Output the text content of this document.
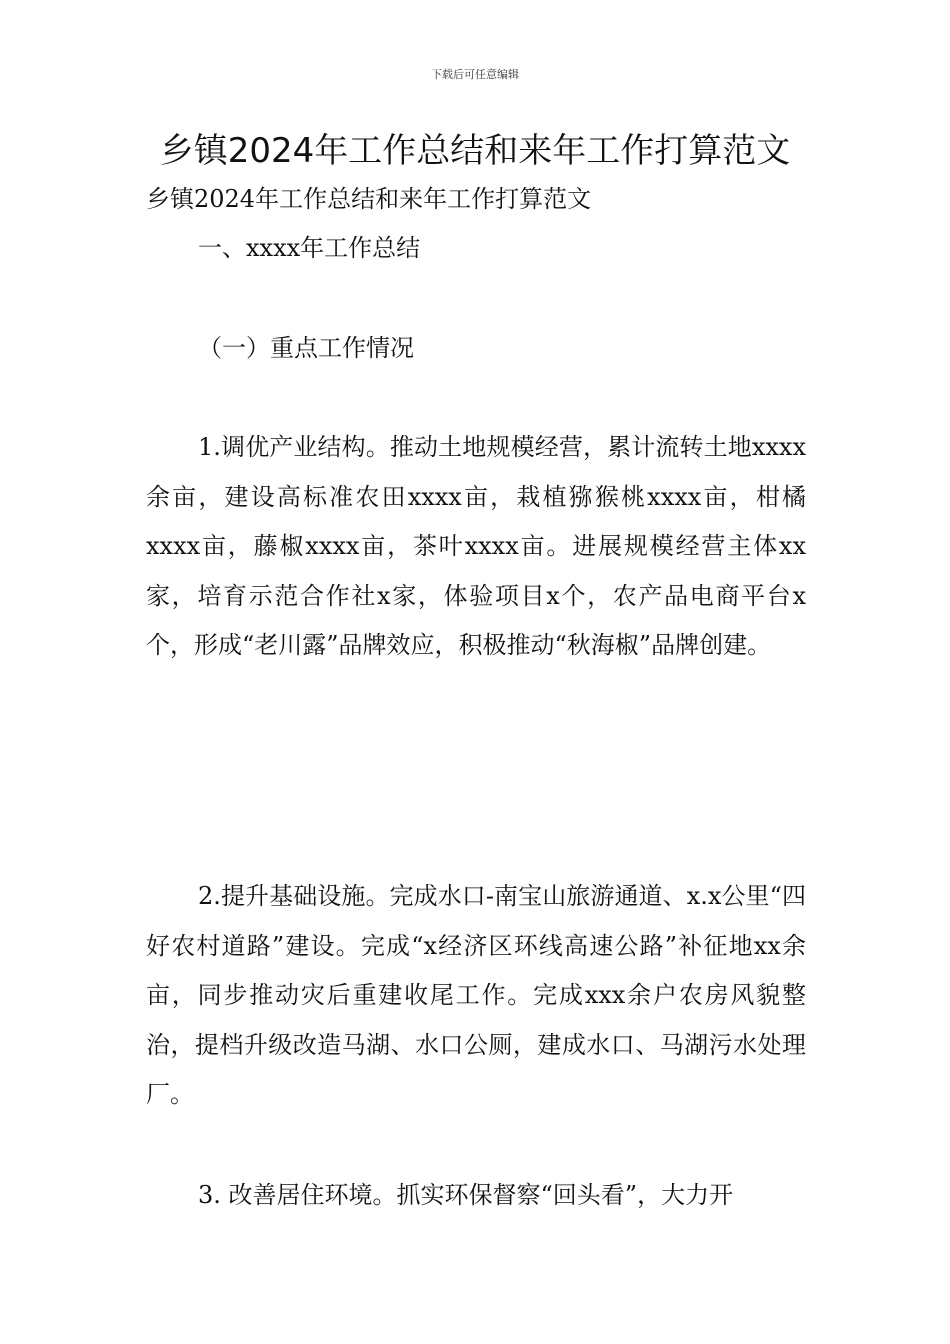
下载后可任意编辑
乡镇2024年工作总结和来年工作打算范文

乡镇2024年工作总结和来年工作打算范文

一、xxxx年工作总结

（一）重点工作情况

1.调优产业结构。推动土地规模经营，累计流转土地xxxx余亩，建设高标准农田xxxx亩，栽植猕猴桃xxxx亩，柑橘xxxx亩，藤椒xxxx亩，茶叶xxxx亩。进展规模经营主体xx家，培育示范合作社x家，体验项目x个，农产品电商平台x个，形成“老川露”品牌效应，积极推动“秋海椒”品牌创建。

2.提升基础设施。完成水口-南宝山旅游通道、x.x公里“四好农村道路”建设。完成“x经济区环线高速公路”补征地xx余亩，同步推动灾后重建收尾工作。完成xxx余户农房风貌整治，提档升级改造马湖、水口公厕，建成水口、马湖污水处理厂。

3. 改善居住环境。抓实环保督察“回头看”，大力开
